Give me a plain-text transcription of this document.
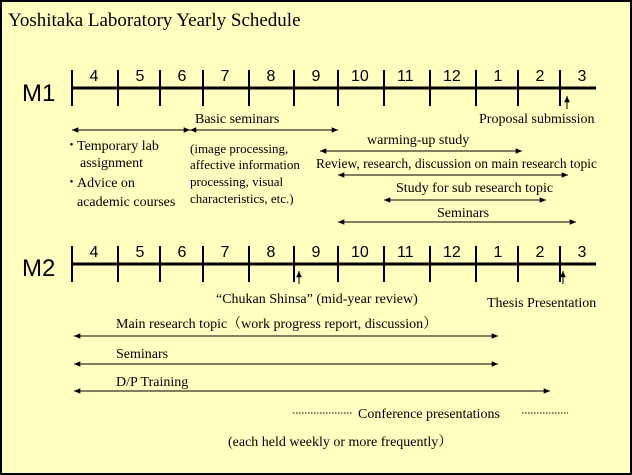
Yoshitaka Laboratory Yearly Schedule
M1
4 5 6 7 8 9 10 11 12 1 2 3
Proposal submission
･ Temporary lab
assignment
･ Advice on
academic courses
Basic seminars
(image processing,
affective information
processing, visual
characteristics, etc.)
warming-up study
Review, research, discussion on main research topic
Study for sub research topic
Seminars
M2
4 5 6 7 8 9 10 11 12 1 2 3
“Chukan Shinsa” (mid-year review)	Thesis Presentation
Main research topic（work progress report, discussion）
Seminars
D/P Training
Conference presentations
(each held weekly or more frequently）
